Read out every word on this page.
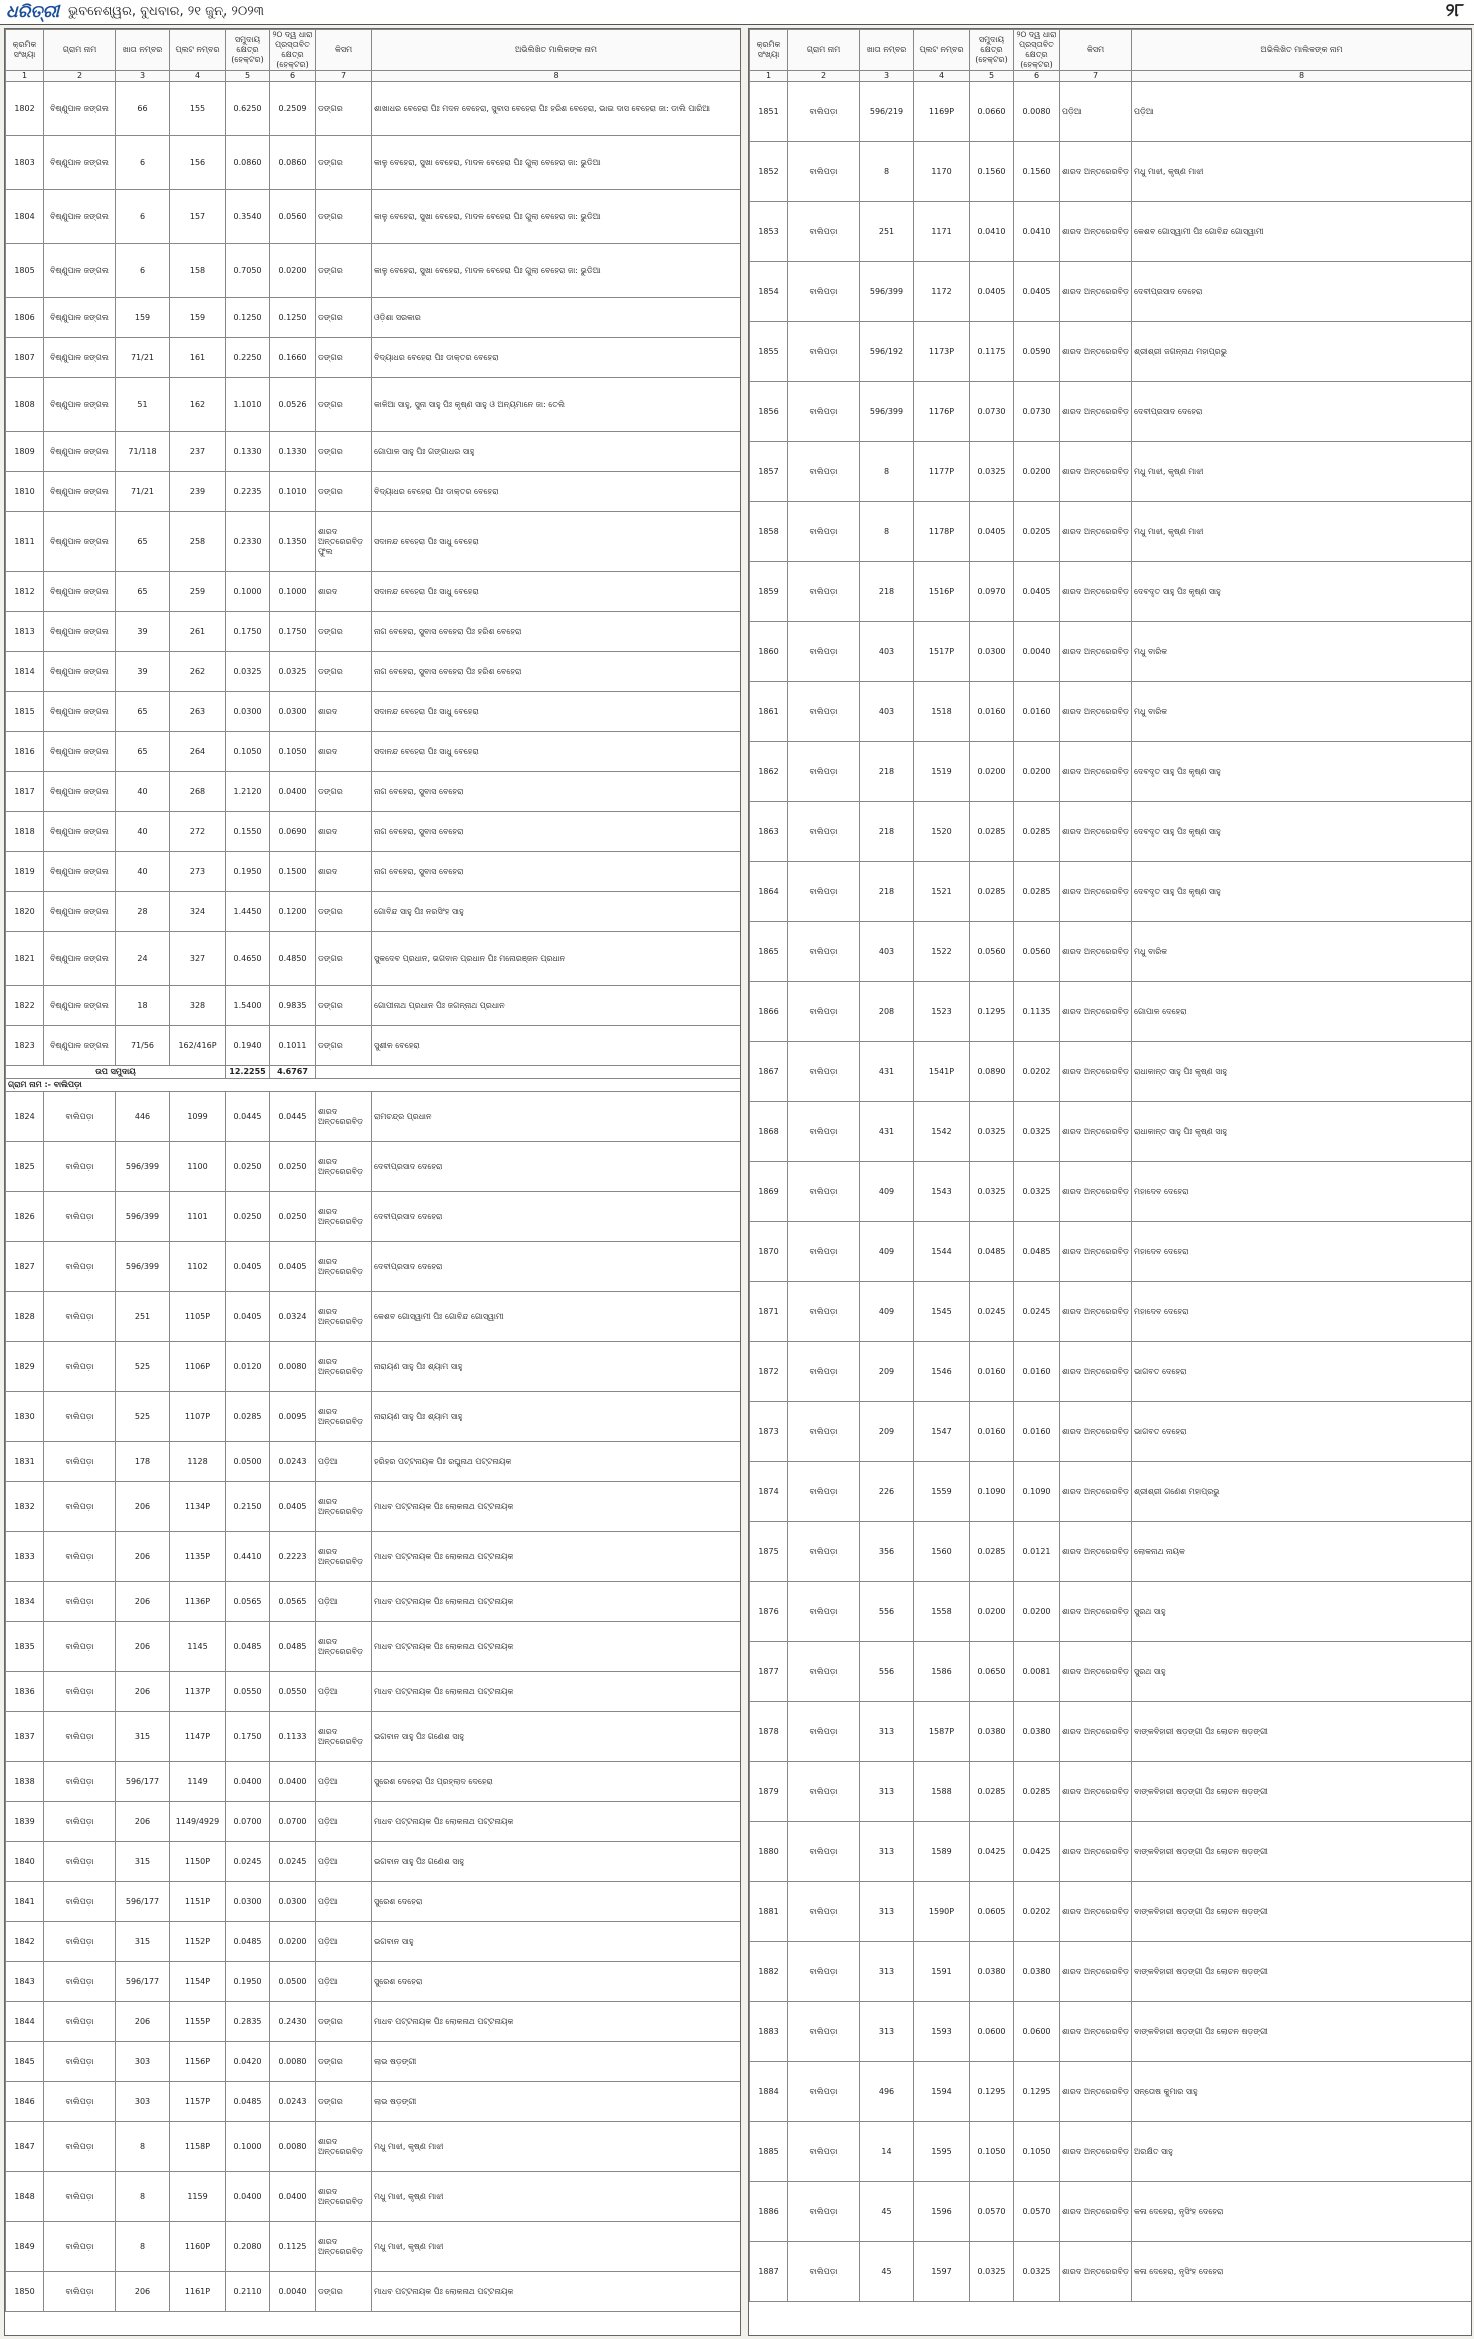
ଧରିତ୍ରୀ ଭୁବନେଶ୍ୱର, ବୁଧବାର, ୨୧ ଜୁନ୍‌, ୨୦୨୩	୨୮
କ୍ରମିକ ସଂଖ୍ୟା	ଗ୍ରାମ ନାମ	ଖାତା ନମ୍ବର	ପ୍ଲଟ ନମ୍ବର	ସମୁଦାୟ କ୍ଷେତ୍ର (ହେକ୍ଟର)	୨୦ ଦ୍ୱ ଧାରା ପ୍ରସ୍ତାବିତ କ୍ଷେତ୍ର (ହେକ୍ଟର)	କିସମ	ଅଭିଲିଖିତ ମାଲିକଙ୍କ ନାମ
1	2	3	4	5	6	7	8
1802	ବିଷ୍ଣୁପାଳ ଜଙ୍ଗଲ	66	155	0.6250	0.2509	ଡଙ୍ଗର	ଶାଖାଧର ବେହେରା ପିଃ ମଦନ ବେହେରା, ସୁବାସ ବେହେରା ପିଃ ହରିଶ ବେହେରା, ଭାଇ ଦାସ ବେହେରା ଜା: ଡାଲି ପାରିଆ
1803	ବିଷ୍ଣୁପାଳ ଜଙ୍ଗଲ	6	156	0.0860	0.0860	ଡଙ୍ଗର	କାଳୁ ବେହେରା, ସୁଖା ବେହେରା, ମାଦଳ ବେହେରା ପିଃ ଗୁଲା ବେହେରା ଜା: ଭୁଡିଆ
1804	ବିଷ୍ଣୁପାଳ ଜଙ୍ଗଲ	6	157	0.3540	0.0560	ଡଙ୍ଗର	କାଳୁ ବେହେରା, ସୁଖା ବେହେରା, ମାଦଳ ବେହେରା ପିଃ ଗୁଲା ବେହେରା ଜା: ଭୁଡିଆ
1805	ବିଷ୍ଣୁପାଳ ଜଙ୍ଗଲ	6	158	0.7050	0.0200	ଡଙ୍ଗର	କାଳୁ ବେହେରା, ସୁଖା ବେହେରା, ମାଦଳ ବେହେରା ପିଃ ଗୁଲା ବେହେରା ଜା: ଭୁଡିଆ
1806	ବିଷ୍ଣୁପାଳ ଜଙ୍ଗଲ	159	159	0.1250	0.1250	ଡଙ୍ଗର	ଓଡ଼ିଶା ସରକାର
1807	ବିଷ୍ଣୁପାଳ ଜଙ୍ଗଲ	71/21	161	0.2250	0.1660	ଡଙ୍ଗର	ବିଦ୍ୟାଧର ବେହେରା ପିଃ ଡାକ୍ତର ବେହେରା
1808	ବିଷ୍ଣୁପାଳ ଜଙ୍ଗଲ	51	162	1.1010	0.0526	ଡଙ୍ଗର	କାଳିଆ ସାହୁ, ସୁନା ସାହୁ ପିଃ କୃଷ୍ଣ ସାହୁ ଓ ଅନ୍ୟମାନେ ଜା: ତେଲି
1809	ବିଷ୍ଣୁପାଳ ଜଙ୍ଗଲ	71/118	237	0.1330	0.1330	ଡଙ୍ଗର	ଗୋପାଳ ସାହୁ ପିଃ ଗଙ୍ଗାଧର ସାହୁ
1810	ବିଷ୍ଣୁପାଳ ଜଙ୍ଗଲ	71/21	239	0.2235	0.1010	ଡଙ୍ଗର	ବିଦ୍ୟାଧର ବେହେରା ପିଃ ଡାକ୍ତର ବେହେରା
1811	ବିଷ୍ଣୁପାଳ ଜଙ୍ଗଲ	65	258	0.2330	0.1350	ଶାରଦ ଅନ୍ତରେରବିଡ଼ ଫୁଲ	ସଦାନନ୍ଦ ବେହେରା ପିଃ ସାଧୁ ବେହେରା
1812	ବିଷ୍ଣୁପାଳ ଜଙ୍ଗଲ	65	259	0.1000	0.1000	ଶାରଦ	ସଦାନନ୍ଦ ବେହେରା ପିଃ ସାଧୁ ବେହେରା
1813	ବିଷ୍ଣୁପାଳ ଜଙ୍ଗଲ	39	261	0.1750	0.1750	ଡଙ୍ଗର	ନାଗ ବେହେରା, ସୁବାସ ବେହେରା ପିଃ ହରିଶ ବେହେରା
1814	ବିଷ୍ଣୁପାଳ ଜଙ୍ଗଲ	39	262	0.0325	0.0325	ଡଙ୍ଗର	ନାଗ ବେହେରା, ସୁବାସ ବେହେରା ପିଃ ହରିଶ ବେହେରା
1815	ବିଷ୍ଣୁପାଳ ଜଙ୍ଗଲ	65	263	0.0300	0.0300	ଶାରଦ	ସଦାନନ୍ଦ ବେହେରା ପିଃ ସାଧୁ ବେହେରା
1816	ବିଷ୍ଣୁପାଳ ଜଙ୍ଗଲ	65	264	0.1050	0.1050	ଶାରଦ	ସଦାନନ୍ଦ ବେହେରା ପିଃ ସାଧୁ ବେହେରା
1817	ବିଷ୍ଣୁପାଳ ଜଙ୍ଗଲ	40	268	1.2120	0.0400	ଡଙ୍ଗର	ନାଗ ବେହେରା, ସୁବାସ ବେହେରା
1818	ବିଷ୍ଣୁପାଳ ଜଙ୍ଗଲ	40	272	0.1550	0.0690	ଶାରଦ	ନାଗ ବେହେରା, ସୁବାସ ବେହେରା
1819	ବିଷ୍ଣୁପାଳ ଜଙ୍ଗଲ	40	273	0.1950	0.1500	ଶାରଦ	ନାଗ ବେହେରା, ସୁବାସ ବେହେରା
1820	ବିଷ୍ଣୁପାଳ ଜଙ୍ଗଲ	28	324	1.4450	0.1200	ଡଙ୍ଗର	ଗୋବିନ୍ଦ ସାହୁ ପିଃ ନରସିଂହ ସାହୁ
1821	ବିଷ୍ଣୁପାଳ ଜଙ୍ଗଲ	24	327	0.4650	0.4850	ଡଙ୍ଗର	ସୁକଦେବ ପ୍ରଧାନ, ଭଗବାନ ପ୍ରଧାନ ପିଃ ମନୋରଞ୍ଜନ ପ୍ରଧାନ
1822	ବିଷ୍ଣୁପାଳ ଜଙ୍ଗଲ	18	328	1.5400	0.9835	ଡଙ୍ଗର	ଗୋପୀନାଥ ପ୍ରଧାନ ପିଃ ଜଗନ୍ନାଥ ପ୍ରଧାନ
1823	ବିଷ୍ଣୁପାଳ ଜଙ୍ଗଲ	71/56	162/416P	0.1940	0.1011	ଡଙ୍ଗର	ସୁଶୀଳ ବେହେରା
ଉପ ସମୁଦାୟ				12.2255	4.6767		
ଗ୍ରାମ ନାମ :- ବାଲିପଡ଼ା							
1824	ବାଲିପଡ଼ା	446	1099	0.0445	0.0445	ଶାରଦ ଅନ୍ତରେରବିଡ଼	ରାମଚନ୍ଦ୍ର ପ୍ରଧାନ
1825	ବାଲିପଡ଼ା	596/399	1100	0.0250	0.0250	ଶାରଦ ଅନ୍ତରେରବିଡ଼	ଦେବୀପ୍ରସାଦ ଦେହେରା
1826	ବାଲିପଡ଼ା	596/399	1101	0.0250	0.0250	ଶାରଦ ଅନ୍ତରେରବିଡ଼	ଦେବୀପ୍ରସାଦ ଦେହେରା
1827	ବାଲିପଡ଼ା	596/399	1102	0.0405	0.0405	ଶାରଦ ଅନ୍ତରେରବିଡ଼	ଦେବୀପ୍ରସାଦ ଦେହେରା
1828	ବାଲିପଡ଼ା	251	1105P	0.0405	0.0324	ଶାରଦ ଅନ୍ତରେରବିଡ଼	କେଶବ ଗୋସ୍ୱାମୀ ପିଃ ଗୋବିନ୍ଦ ଗୋସ୍ୱାମୀ
1829	ବାଲିପଡ଼ା	525	1106P	0.0120	0.0080	ଶାରଦ ଅନ୍ତରେରବିଡ଼	ନାରାୟଣ ସାହୁ ପିଃ ଶ୍ୟାମ ସାହୁ
1830	ବାଲିପଡ଼ା	525	1107P	0.0285	0.0095	ଶାରଦ ଅନ୍ତରେରବିଡ଼	ନାରାୟଣ ସାହୁ ପିଃ ଶ୍ୟାମ ସାହୁ
1831	ବାଲିପଡ଼ା	178	1128	0.0500	0.0243	ପଡ଼ିଆ	ହରିହର ପଟ୍ଟନାୟକ ପିଃ ରଘୁନାଥ ପଟ୍ଟନାୟକ
1832	ବାଲିପଡ଼ା	206	1134P	0.2150	0.0405	ଶାରଦ ଅନ୍ତରେରବିଡ଼	ମାଧବ ପଟ୍ଟନାୟକ ପିଃ ଲୋକନାଥ ପଟ୍ଟନାୟକ
1833	ବାଲିପଡ଼ା	206	1135P	0.4410	0.2223	ଶାରଦ ଅନ୍ତରେରବିଡ଼	ମାଧବ ପଟ୍ଟନାୟକ ପିଃ ଲୋକନାଥ ପଟ୍ଟନାୟକ
1834	ବାଲିପଡ଼ା	206	1136P	0.0565	0.0565	ପଡ଼ିଆ	ମାଧବ ପଟ୍ଟନାୟକ ପିଃ ଲୋକନାଥ ପଟ୍ଟନାୟକ
1835	ବାଲିପଡ଼ା	206	1145	0.0485	0.0485	ଶାରଦ ଅନ୍ତରେରବିଡ଼	ମାଧବ ପଟ୍ଟନାୟକ ପିଃ ଲୋକନାଥ ପଟ୍ଟନାୟକ
1836	ବାଲିପଡ଼ା	206	1137P	0.0550	0.0550	ପଡ଼ିଆ	ମାଧବ ପଟ୍ଟନାୟକ ପିଃ ଲୋକନାଥ ପଟ୍ଟନାୟକ
1837	ବାଲିପଡ଼ା	315	1147P	0.1750	0.1133	ଶାରଦ ଅନ୍ତରେରବିଡ଼	ଭଗବାନ ସାହୁ ପିଃ ଗଣେଶ ସାହୁ
1838	ବାଲିପଡ଼ା	596/177	1149	0.0400	0.0400	ପଡ଼ିଆ	ସୁରେଶ ଦେହେରା ପିଃ ପ୍ରହ୍ଲାଦ ଦେହେରା
1839	ବାଲିପଡ଼ା	206	1149/4929	0.0700	0.0700	ପଡ଼ିଆ	ମାଧବ ପଟ୍ଟନାୟକ ପିଃ ଲୋକନାଥ ପଟ୍ଟନାୟକ
1840	ବାଲିପଡ଼ା	315	1150P	0.0245	0.0245	ପଡ଼ିଆ	ଭଗବାନ ସାହୁ ପିଃ ଗଣେଶ ସାହୁ
1841	ବାଲିପଡ଼ା	596/177	1151P	0.0300	0.0300	ପଡ଼ିଆ	ସୁରେଶ ଦେହେରା
1842	ବାଲିପଡ଼ା	315	1152P	0.0485	0.0200	ପଡ଼ିଆ	ଭଗବାନ ସାହୁ
1843	ବାଲିପଡ଼ା	596/177	1154P	0.1950	0.0500	ପଡ଼ିଆ	ସୁରେଶ ଦେହେରା
1844	ବାଲିପଡ଼ା	206	1155P	0.2835	0.2430	ଡଙ୍ଗର	ମାଧବ ପଟ୍ଟନାୟକ ପିଃ ଲୋକନାଥ ପଟ୍ଟନାୟକ
1845	ବାଲିପଡ଼ା	303	1156P	0.0420	0.0080	ଡଙ୍ଗର	ଲାଭ ଷଡ଼ଙ୍ଗୀ
1846	ବାଲିପଡ଼ା	303	1157P	0.0485	0.0243	ଡଙ୍ଗର	ଲାଭ ଷଡ଼ଙ୍ଗୀ
1847	ବାଲିପଡ଼ା	8	1158P	0.1000	0.0080	ଶାରଦ ଅନ୍ତରେରବିଡ଼	ମଧୁ ମାଝୀ, କୃଷ୍ଣ ମାଝୀ
1848	ବାଲିପଡ଼ା	8	1159	0.0400	0.0400	ଶାରଦ ଅନ୍ତରେରବିଡ଼	ମଧୁ ମାଝୀ, କୃଷ୍ଣ ମାଝୀ
1849	ବାଲିପଡ଼ା	8	1160P	0.2080	0.1125	ଶାରଦ ଅନ୍ତରେରବିଡ଼	ମଧୁ ମାଝୀ, କୃଷ୍ଣ ମାଝୀ
1850	ବାଲିପଡ଼ା	206	1161P	0.2110	0.0040	ଡଙ୍ଗର	ମାଧବ ପଟ୍ଟନାୟକ ପିଃ ଲୋକନାଥ ପଟ୍ଟନାୟକ
କ୍ରମିକ ସଂଖ୍ୟା	ଗ୍ରାମ ନାମ	ଖାତା ନମ୍ବର	ପ୍ଲଟ ନମ୍ବର	ସମୁଦାୟ କ୍ଷେତ୍ର (ହେକ୍ଟର)	୨୦ ଦ୍ୱ ଧାରା ପ୍ରସ୍ତାବିତ କ୍ଷେତ୍ର (ହେକ୍ଟର)	କିସମ	ଅଭିଲିଖିତ ମାଲିକଙ୍କ ନାମ
1	2	3	4	5	6	7	8
1851	ବାଲିପଡ଼ା	596/219	1169P	0.0660	0.0080	ପଡ଼ିଆ	ପଡ଼ିଆ
1852	ବାଲିପଡ଼ା	8	1170	0.1560	0.1560	ଶାରଦ ଅନ୍ତରେରବିଡ଼	ମଧୁ ମାଝୀ, କୃଷ୍ଣ ମାଝୀ
1853	ବାଲିପଡ଼ା	251	1171	0.0410	0.0410	ଶାରଦ ଅନ୍ତରେରବିଡ଼	କେଶବ ଗୋସ୍ୱାମୀ ପିଃ ଗୋବିନ୍ଦ ଗୋସ୍ୱାମୀ
1854	ବାଲିପଡ଼ା	596/399	1172	0.0405	0.0405	ଶାରଦ ଅନ୍ତରେରବିଡ଼	ଦେବୀପ୍ରସାଦ ଦେହେରା
1855	ବାଲିପଡ଼ା	596/192	1173P	0.1175	0.0590	ଶାରଦ ଅନ୍ତରେରବିଡ଼	ଶ୍ରୀଶ୍ରୀ ଜଗନ୍ନାଥ ମହାପ୍ରଭୁ
1856	ବାଲିପଡ଼ା	596/399	1176P	0.0730	0.0730	ଶାରଦ ଅନ୍ତରେରବିଡ଼	ଦେବୀପ୍ରସାଦ ଦେହେରା
1857	ବାଲିପଡ଼ା	8	1177P	0.0325	0.0200	ଶାରଦ ଅନ୍ତରେରବିଡ଼	ମଧୁ ମାଝୀ, କୃଷ୍ଣ ମାଝୀ
1858	ବାଲିପଡ଼ା	8	1178P	0.0405	0.0205	ଶାରଦ ଅନ୍ତରେରବିଡ଼	ମଧୁ ମାଝୀ, କୃଷ୍ଣ ମାଝୀ
1859	ବାଲିପଡ଼ା	218	1516P	0.0970	0.0405	ଶାରଦ ଅନ୍ତରେରବିଡ଼	ଦେବଦୃତ ସାହୁ ପିଃ କୃଷ୍ଣ ସାହୁ
1860	ବାଲିପଡ଼ା	403	1517P	0.0300	0.0040	ଶାରଦ ଅନ୍ତରେରବିଡ଼	ମଧୁ ବାରିକ
1861	ବାଲିପଡ଼ା	403	1518	0.0160	0.0160	ଶାରଦ ଅନ୍ତରେରବିଡ଼	ମଧୁ ବାରିକ
1862	ବାଲିପଡ଼ା	218	1519	0.0200	0.0200	ଶାରଦ ଅନ୍ତରେରବିଡ଼	ଦେବଦୃତ ସାହୁ ପିଃ କୃଷ୍ଣ ସାହୁ
1863	ବାଲିପଡ଼ା	218	1520	0.0285	0.0285	ଶାରଦ ଅନ୍ତରେରବିଡ଼	ଦେବଦୃତ ସାହୁ ପିଃ କୃଷ୍ଣ ସାହୁ
1864	ବାଲିପଡ଼ା	218	1521	0.0285	0.0285	ଶାରଦ ଅନ୍ତରେରବିଡ଼	ଦେବଦୃତ ସାହୁ ପିଃ କୃଷ୍ଣ ସାହୁ
1865	ବାଲିପଡ଼ା	403	1522	0.0560	0.0560	ଶାରଦ ଅନ୍ତରେରବିଡ଼	ମଧୁ ବାରିକ
1866	ବାଲିପଡ଼ା	208	1523	0.1295	0.1135	ଶାରଦ ଅନ୍ତରେରବିଡ଼	ଗୋପାଳ ଦେହେରା
1867	ବାଲିପଡ଼ା	431	1541P	0.0890	0.0202	ଶାରଦ ଅନ୍ତରେରବିଡ଼	ରାଧାକାନ୍ତ ସାହୁ ପିଃ କୃଷ୍ଣ ସାହୁ
1868	ବାଲିପଡ଼ା	431	1542	0.0325	0.0325	ଶାରଦ ଅନ୍ତରେରବିଡ଼	ରାଧାକାନ୍ତ ସାହୁ ପିଃ କୃଷ୍ଣ ସାହୁ
1869	ବାଲିପଡ଼ା	409	1543	0.0325	0.0325	ଶାରଦ ଅନ୍ତରେରବିଡ଼	ମହାଦେବ ଦେହେରା
1870	ବାଲିପଡ଼ା	409	1544	0.0485	0.0485	ଶାରଦ ଅନ୍ତରେରବିଡ଼	ମହାଦେବ ଦେହେରା
1871	ବାଲିପଡ଼ା	409	1545	0.0245	0.0245	ଶାରଦ ଅନ୍ତରେରବିଡ଼	ମହାଦେବ ଦେହେରା
1872	ବାଲିପଡ଼ା	209	1546	0.0160	0.0160	ଶାରଦ ଅନ୍ତରେରବିଡ଼	ଭାଗବତ ଦେହେରା
1873	ବାଲିପଡ଼ା	209	1547	0.0160	0.0160	ଶାରଦ ଅନ୍ତରେରବିଡ଼	ଭାଗବତ ଦେହେରା
1874	ବାଲିପଡ଼ା	226	1559	0.1090	0.1090	ଶାରଦ ଅନ୍ତରେରବିଡ଼	ଶ୍ରୀଶ୍ରୀ ଗଣେଶ ମହାପ୍ରଭୁ
1875	ବାଲିପଡ଼ା	356	1560	0.0285	0.0121	ଶାରଦ ଅନ୍ତରେରବିଡ଼	ଲୋକନାଥ ନାୟକ
1876	ବାଲିପଡ଼ା	556	1558	0.0200	0.0200	ଶାରଦ ଅନ୍ତରେରବିଡ଼	ସୁରଥ ସାହୁ
1877	ବାଲିପଡ଼ା	556	1586	0.0650	0.0081	ଶାରଦ ଅନ୍ତରେରବିଡ଼	ସୁରଥ ସାହୁ
1878	ବାଲିପଡ଼ା	313	1587P	0.0380	0.0380	ଶାରଦ ଅନ୍ତରେରବିଡ଼	ବାଙ୍କବିହାରୀ ଷଡ଼ଙ୍ଗୀ ପିଃ ଲୋଚନ ଷଡ଼ଙ୍ଗୀ
1879	ବାଲିପଡ଼ା	313	1588	0.0285	0.0285	ଶାରଦ ଅନ୍ତରେରବିଡ଼	ବାଙ୍କବିହାରୀ ଷଡ଼ଙ୍ଗୀ ପିଃ ଲୋଚନ ଷଡ଼ଙ୍ଗୀ
1880	ବାଲିପଡ଼ା	313	1589	0.0425	0.0425	ଶାରଦ ଅନ୍ତରେରବିଡ଼	ବାଙ୍କବିହାରୀ ଷଡ଼ଙ୍ଗୀ ପିଃ ଲୋଚନ ଷଡ଼ଙ୍ଗୀ
1881	ବାଲିପଡ଼ା	313	1590P	0.0605	0.0202	ଶାରଦ ଅନ୍ତରେରବିଡ଼	ବାଙ୍କବିହାରୀ ଷଡ଼ଙ୍ଗୀ ପିଃ ଲୋଚନ ଷଡ଼ଙ୍ଗୀ
1882	ବାଲିପଡ଼ା	313	1591	0.0380	0.0380	ଶାରଦ ଅନ୍ତରେରବିଡ଼	ବାଙ୍କବିହାରୀ ଷଡ଼ଙ୍ଗୀ ପିଃ ଲୋଚନ ଷଡ଼ଙ୍ଗୀ
1883	ବାଲିପଡ଼ା	313	1593	0.0600	0.0600	ଶାରଦ ଅନ୍ତରେରବିଡ଼	ବାଙ୍କବିହାରୀ ଷଡ଼ଙ୍ଗୀ ପିଃ ଲୋଚନ ଷଡ଼ଙ୍ଗୀ
1884	ବାଲିପଡ଼ା	496	1594	0.1295	0.1295	ଶାରଦ ଅନ୍ତରେରବିଡ଼	ସନ୍ତୋଷ କୁମାର ସାହୁ
1885	ବାଲିପଡ଼ା	14	1595	0.1050	0.1050	ଶାରଦ ଅନ୍ତରେରବିଡ଼	ଅରକ୍ଷିତ ସାହୁ
1886	ବାଲିପଡ଼ା	45	1596	0.0570	0.0570	ଶାରଦ ଅନ୍ତରେରବିଡ଼	କଳା ଦେହେରା, ନୃସିଂହ ଦେହେରା
1887	ବାଲିପଡ଼ା	45	1597	0.0325	0.0325	ଶାରଦ ଅନ୍ତରେରବିଡ଼	କଳା ଦେହେରା, ନୃସିଂହ ଦେହେରା
